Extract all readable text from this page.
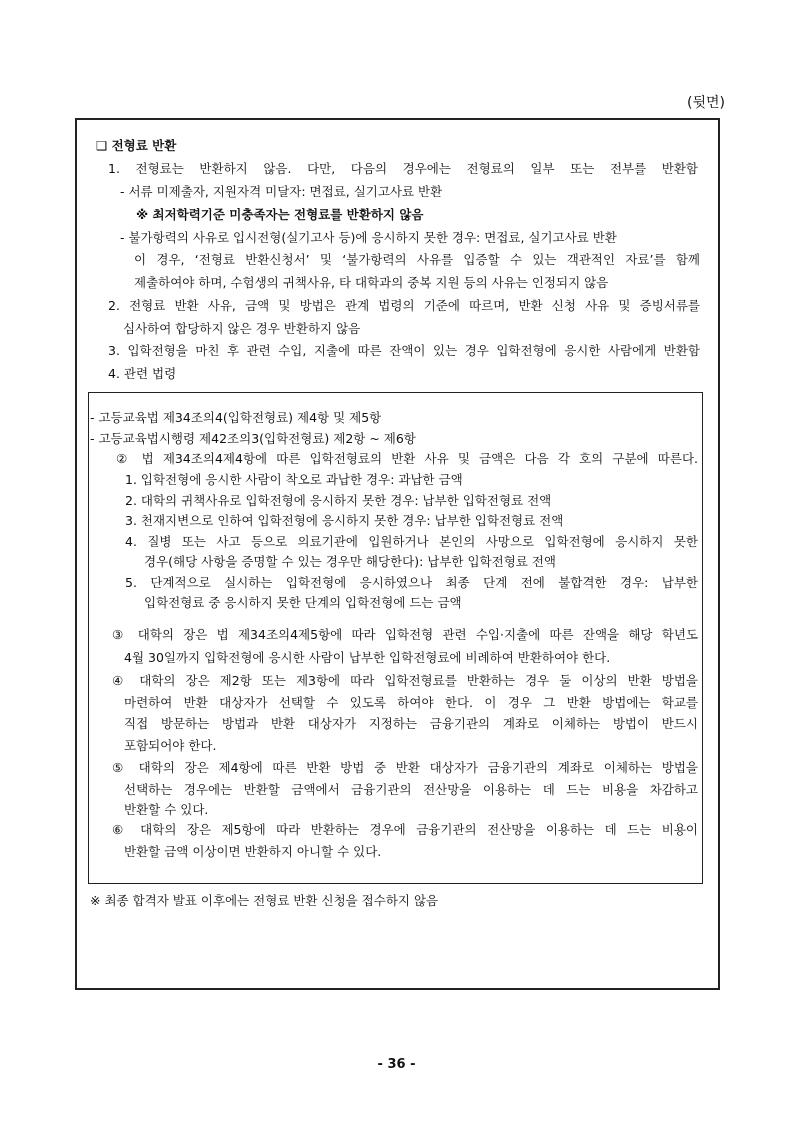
(뒷면)
❑ 전형료 반환
1. 전형료는 반환하지 않음. 다만, 다음의 경우에는 전형료의 일부 또는 전부를 반환함
- 서류 미제출자, 지원자격 미달자: 면접료, 실기고사료 반환
※ 최저학력기준 미충족자는 전형료를 반환하지 않음
- 불가항력의 사유로 입시전형(실기고사 등)에 응시하지 못한 경우: 면접료, 실기고사료 반환
이 경우, ‘전형료 반환신청서’ 및 ‘불가항력의 사유를 입증할 수 있는 객관적인 자료’를 함께
제출하여야 하며, 수험생의 귀책사유, 타 대학과의 중복 지원 등의 사유는 인정되지 않음
2. 전형료 반환 사유, 금액 및 방법은 관계 법령의 기준에 따르며, 반환 신청 사유 및 증빙서류를
심사하여 합당하지 않은 경우 반환하지 않음
3. 입학전형을 마친 후 관련 수입, 지출에 따른 잔액이 있는 경우 입학전형에 응시한 사람에게 반환함
4. 관련 법령
- 고등교육법 제34조의4(입학전형료) 제4항 및 제5항
- 고등교육법시행령 제42조의3(입학전형료) 제2항 ~ 제6항
② 법 제34조의4제4항에 따른 입학전형료의 반환 사유 및 금액은 다음 각 호의 구분에 따른다.
1. 입학전형에 응시한 사람이 착오로 과납한 경우: 과납한 금액
2. 대학의 귀책사유로 입학전형에 응시하지 못한 경우: 납부한 입학전형료 전액
3. 천재지변으로 인하여 입학전형에 응시하지 못한 경우: 납부한 입학전형료 전액
4. 질병 또는 사고 등으로 의료기관에 입원하거나 본인의 사망으로 입학전형에 응시하지 못한
경우(해당 사항을 증명할 수 있는 경우만 해당한다): 납부한 입학전형료 전액
5. 단계적으로 실시하는 입학전형에 응시하였으나 최종 단계 전에 불합격한 경우: 납부한
입학전형료 중 응시하지 못한 단계의 입학전형에 드는 금액
③ 대학의 장은 법 제34조의4제5항에 따라 입학전형 관련 수입·지출에 따른 잔액을 해당 학년도
4월 30일까지 입학전형에 응시한 사람이 납부한 입학전형료에 비례하여 반환하여야 한다.
④ 대학의 장은 제2항 또는 제3항에 따라 입학전형료를 반환하는 경우 둘 이상의 반환 방법을
마련하여 반환 대상자가 선택할 수 있도록 하여야 한다. 이 경우 그 반환 방법에는 학교를
직접 방문하는 방법과 반환 대상자가 지정하는 금융기관의 계좌로 이체하는 방법이 반드시
포함되어야 한다.
⑤ 대학의 장은 제4항에 따른 반환 방법 중 반환 대상자가 금융기관의 계좌로 이체하는 방법을
선택하는 경우에는 반환할 금액에서 금융기관의 전산망을 이용하는 데 드는 비용을 차감하고
반환할 수 있다.
⑥ 대학의 장은 제5항에 따라 반환하는 경우에 금융기관의 전산망을 이용하는 데 드는 비용이
반환할 금액 이상이면 반환하지 아니할 수 있다.
※ 최종 합격자 발표 이후에는 전형료 반환 신청을 접수하지 않음
- 36 -
